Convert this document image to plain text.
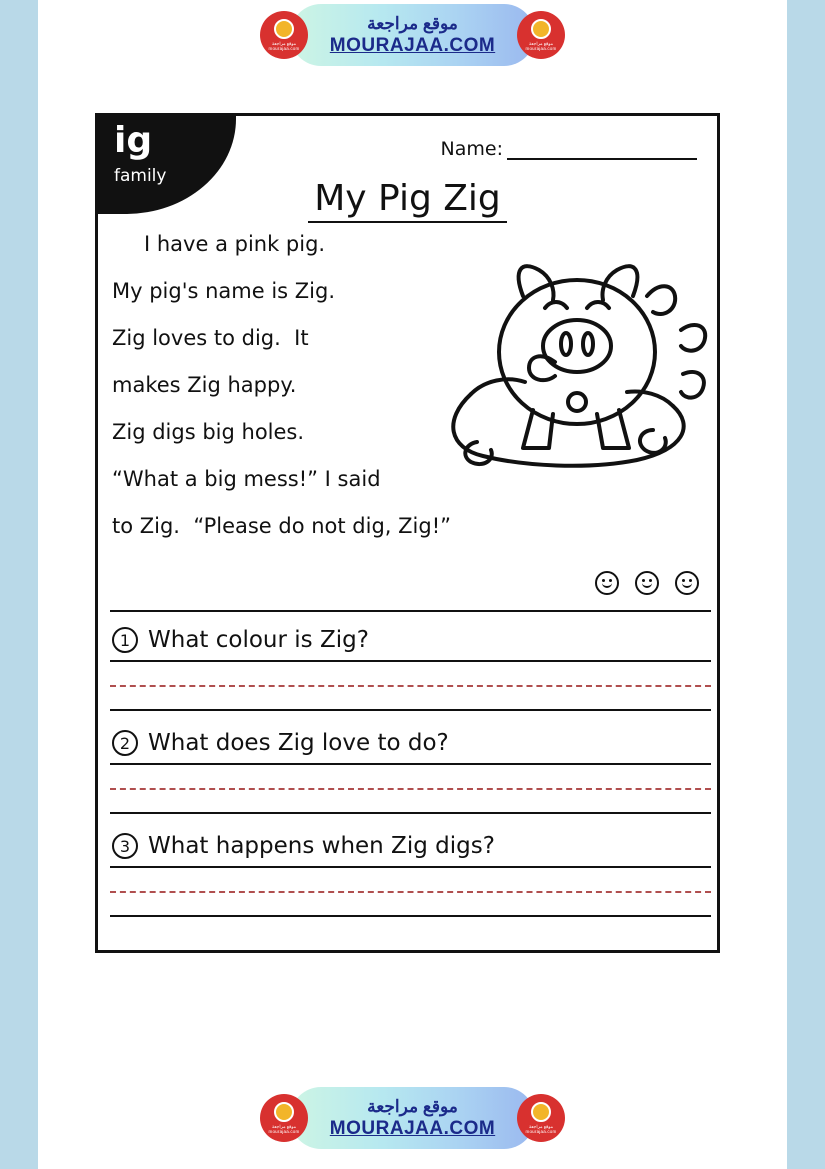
موقع مراجعة mourajaa.com
موقع مراجعة
MOURAJAA.COM	موقع مراجعة mourajaa.com
ig
family
Name:
My Pig Zig

I have a pink pig.

My pig's name is Zig.

Zig loves to dig.  It

makes Zig happy.

Zig digs big holes.

“What a big mess!” I said

to Zig.  “Please do not dig, Zig!”

1 What colour is Zig?
2 What does Zig love to do?
3 What happens when Zig digs?
موقع مراجعة mourajaa.com
موقع مراجعة
MOURAJAA.COM	موقع مراجعة mourajaa.com
